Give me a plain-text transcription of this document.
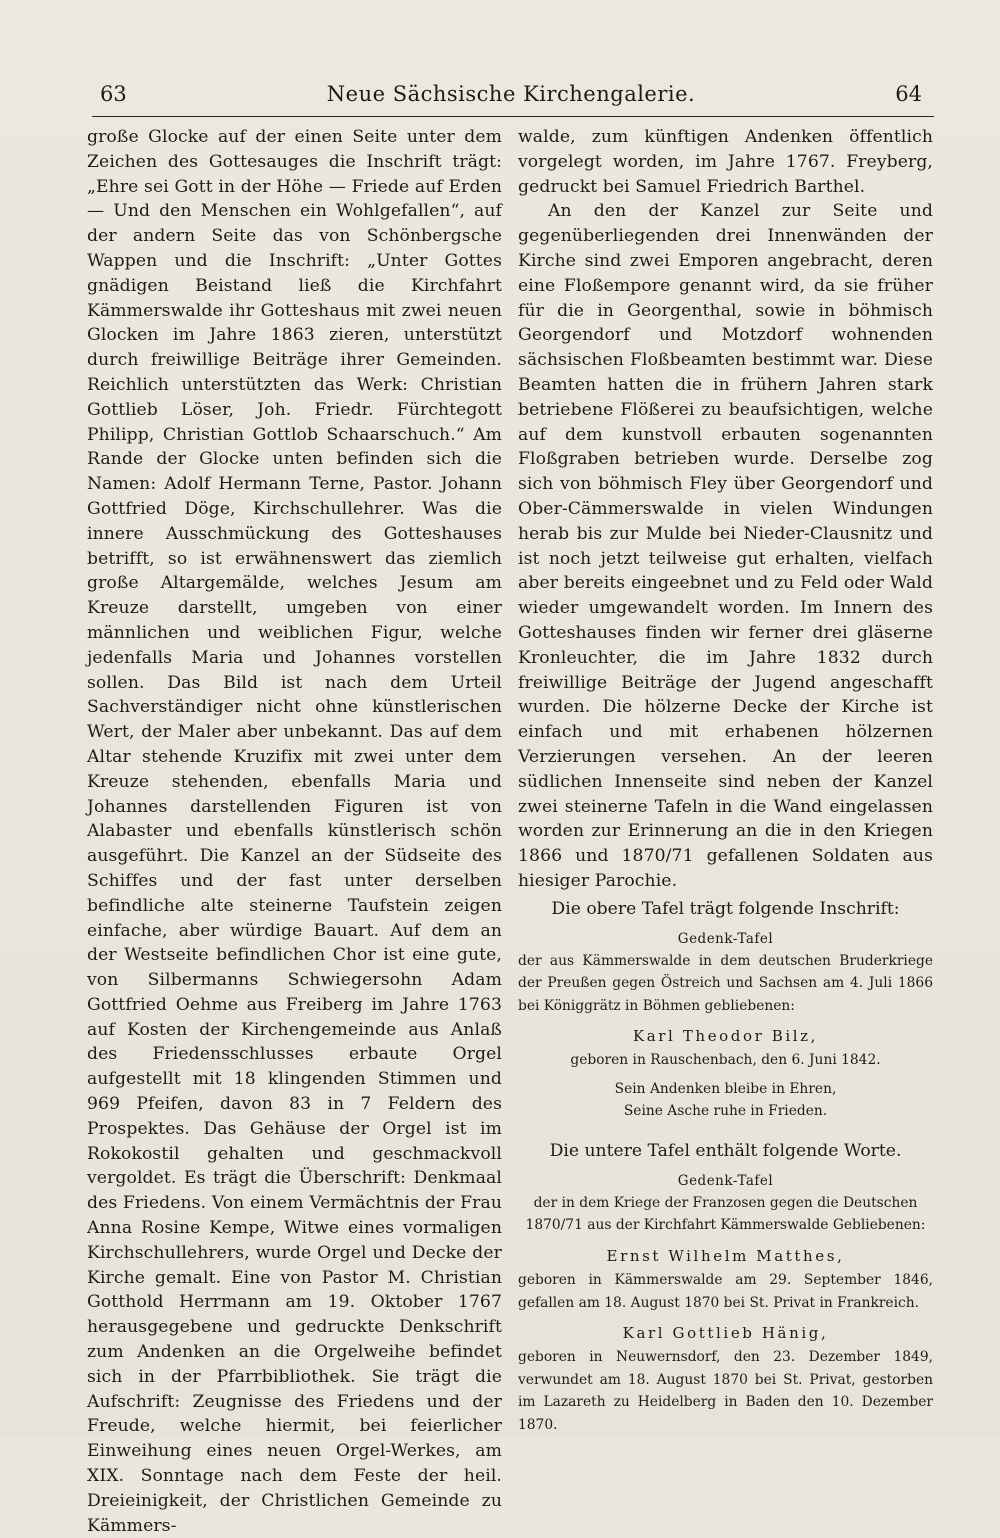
63	Neue Sächsische Kirchengalerie.	64

große Glocke auf der einen Seite unter dem Zeichen des Gottesauges die Inschrift trägt: „Ehre sei Gott in der Höhe — Friede auf Erden — Und den Menschen ein Wohlgefallen“, auf der andern Seite das von Schönbergsche Wappen und die Inschrift: „Unter Gottes gnädigen Beistand ließ die Kirchfahrt Kämmerswalde ihr Gotteshaus mit zwei neuen Glocken im Jahre 1863 zieren, unterstützt durch freiwillige Beiträge ihrer Gemeinden. Reichlich unterstützten das Werk: Christian Gottlieb Löser, Joh. Friedr. Fürchtegott Philipp, Christian Gottlob Schaarschuch.“ Am Rande der Glocke unten befinden sich die Namen: Adolf Hermann Terne, Pastor. Johann Gottfried Döge, Kirchschullehrer. Was die innere Ausschmückung des Gotteshauses betrifft, so ist erwähnenswert das ziemlich große Altargemälde, welches Jesum am Kreuze darstellt, umgeben von einer männlichen und weiblichen Figur, welche jedenfalls Maria und Johannes vorstellen sollen. Das Bild ist nach dem Urteil Sachverständiger nicht ohne künstlerischen Wert, der Maler aber unbekannt. Das auf dem Altar stehende Kruzifix mit zwei unter dem Kreuze stehenden, ebenfalls Maria und Johannes darstellenden Figuren ist von Alabaster und ebenfalls künstlerisch schön ausgeführt. Die Kanzel an der Südseite des Schiffes und der fast unter derselben befindliche alte steinerne Taufstein zeigen einfache, aber würdige Bauart. Auf dem an der Westseite befindlichen Chor ist eine gute, von Silbermanns Schwiegersohn Adam Gottfried Oehme aus Freiberg im Jahre 1763 auf Kosten der Kirchengemeinde aus Anlaß des Friedensschlusses erbaute Orgel aufgestellt mit 18 klingenden Stimmen und 969 Pfeifen, davon 83 in 7 Feldern des Prospektes. Das Gehäuse der Orgel ist im Rokokostil gehalten und geschmackvoll vergoldet. Es trägt die Überschrift: Denkmaal des Friedens. Von einem Vermächtnis der Frau Anna Rosine Kempe, Witwe eines vormaligen Kirchschullehrers, wurde Orgel und Decke der Kirche gemalt. Eine von Pastor M. Christian Gotthold Herrmann am 19. Oktober 1767 herausgegebene und gedruckte Denkschrift zum Andenken an die Orgelweihe befindet sich in der Pfarrbibliothek. Sie trägt die Aufschrift: Zeugnisse des Friedens und der Freude, welche hiermit, bei feierlicher Einweihung eines neuen Orgel-Werkes, am XIX. Sonntage nach dem Feste der heil. Dreieinigkeit, der Christlichen Gemeinde zu Kämmers-

walde, zum künftigen Andenken öffentlich vorgelegt worden, im Jahre 1767. Freyberg, gedruckt bei Samuel Friedrich Barthel.

An den der Kanzel zur Seite und gegenüberliegenden drei Innenwänden der Kirche sind zwei Emporen angebracht, deren eine Floßempore genannt wird, da sie früher für die in Georgenthal, sowie in böhmisch Georgendorf und Motzdorf wohnenden sächsischen Floßbeamten bestimmt war. Diese Beamten hatten die in frühern Jahren stark betriebene Flößerei zu beaufsichtigen, welche auf dem kunstvoll erbauten sogenannten Floßgraben betrieben wurde. Derselbe zog sich von böhmisch Fley über Georgendorf und Ober-Cämmerswalde in vielen Windungen herab bis zur Mulde bei Nieder-Clausnitz und ist noch jetzt teilweise gut erhalten, vielfach aber bereits eingeebnet und zu Feld oder Wald wieder umgewandelt worden. Im Innern des Gotteshauses finden wir ferner drei gläserne Kronleuchter, die im Jahre 1832 durch freiwillige Beiträge der Jugend angeschafft wurden. Die hölzerne Decke der Kirche ist einfach und mit erhabenen hölzernen Verzierungen versehen. An der leeren südlichen Innenseite sind neben der Kanzel zwei steinerne Tafeln in die Wand eingelassen worden zur Erinnerung an die in den Kriegen 1866 und 1870/71 gefallenen Soldaten aus hiesiger Parochie.

Die obere Tafel trägt folgende Inschrift:

Gedenk-Tafel

der aus Kämmerswalde in dem deutschen Bruderkriege der Preußen gegen Östreich und Sachsen am 4. Juli 1866 bei Königgrätz in Böhmen gebliebenen:

Karl Theodor Bilz,

geboren in Rauschenbach, den 6. Juni 1842.

Sein Andenken bleibe in Ehren,

Seine Asche ruhe in Frieden.

Die untere Tafel enthält folgende Worte.

Gedenk-Tafel

der in dem Kriege der Franzosen gegen die Deutschen 1870/71 aus der Kirchfahrt Kämmerswalde Gebliebenen:

Ernst Wilhelm Matthes,

geboren in Kämmerswalde am 29. September 1846, gefallen am 18. August 1870 bei St. Privat in Frankreich.

Karl Gottlieb Hänig,

geboren in Neuwernsdorf, den 23. Dezember 1849, verwundet am 18. August 1870 bei St. Privat, gestorben im Lazareth zu Heidelberg in Baden den 10. Dezember 1870.
